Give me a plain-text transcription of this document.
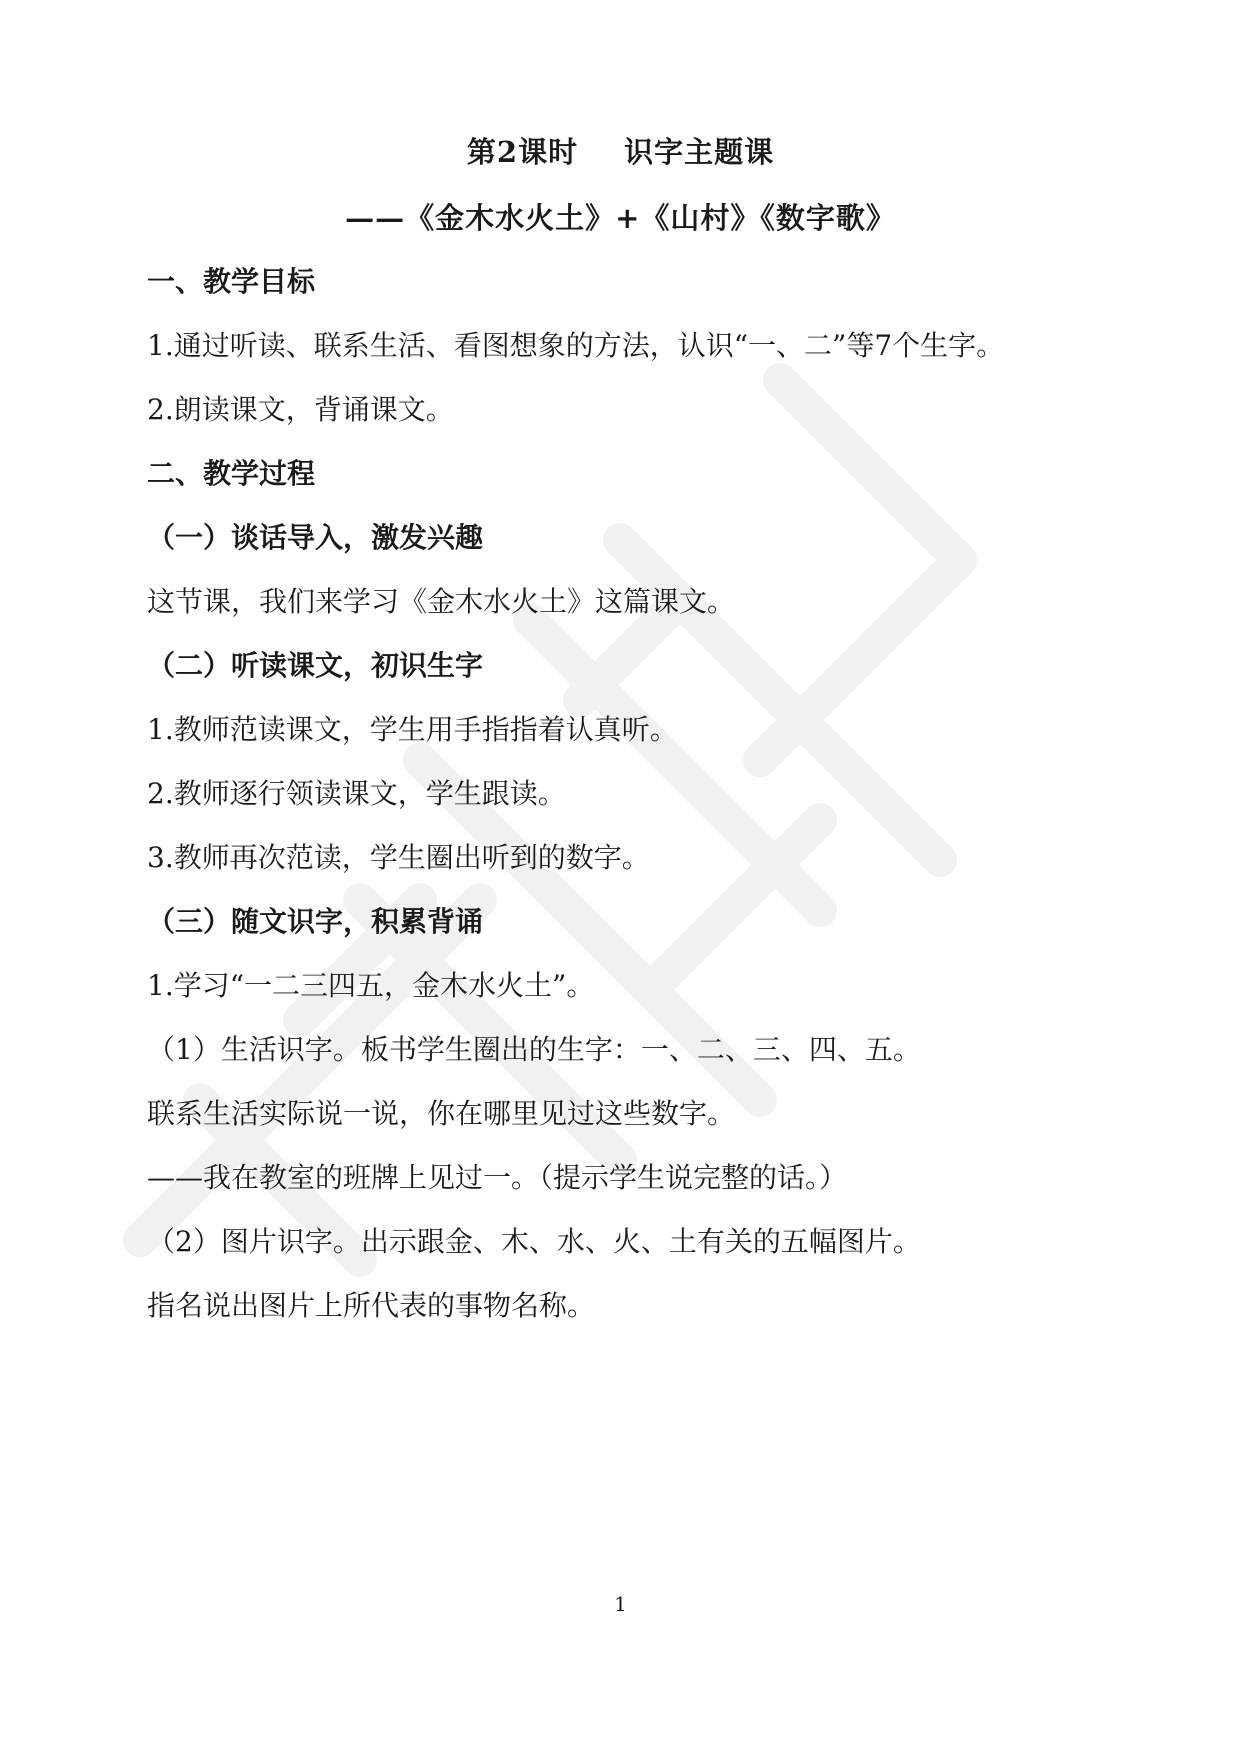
第2课时 识字主题课
——《金木水火土》+《山村》《数字歌》
一、教学目标
1.通过听读、联系生活、看图想象的方法，认识“一、二”等7个生字。
2.朗读课文，背诵课文。
二、教学过程
（一）谈话导入，激发兴趣
这节课，我们来学习《金木水火土》这篇课文。
（二）听读课文，初识生字
1.教师范读课文，学生用手指指着认真听。
2.教师逐行领读课文，学生跟读。
3.教师再次范读，学生圈出听到的数字。
（三）随文识字，积累背诵
1.学习“一二三四五，金木水火土”。
（1）生活识字。板书学生圈出的生字：一、二、三、四、五。
联系生活实际说一说，你在哪里见过这些数字。
——我在教室的班牌上见过一。（提示学生说完整的话。）
（2）图片识字。出示跟金、木、水、火、土有关的五幅图片。
指名说出图片上所代表的事物名称。
1
